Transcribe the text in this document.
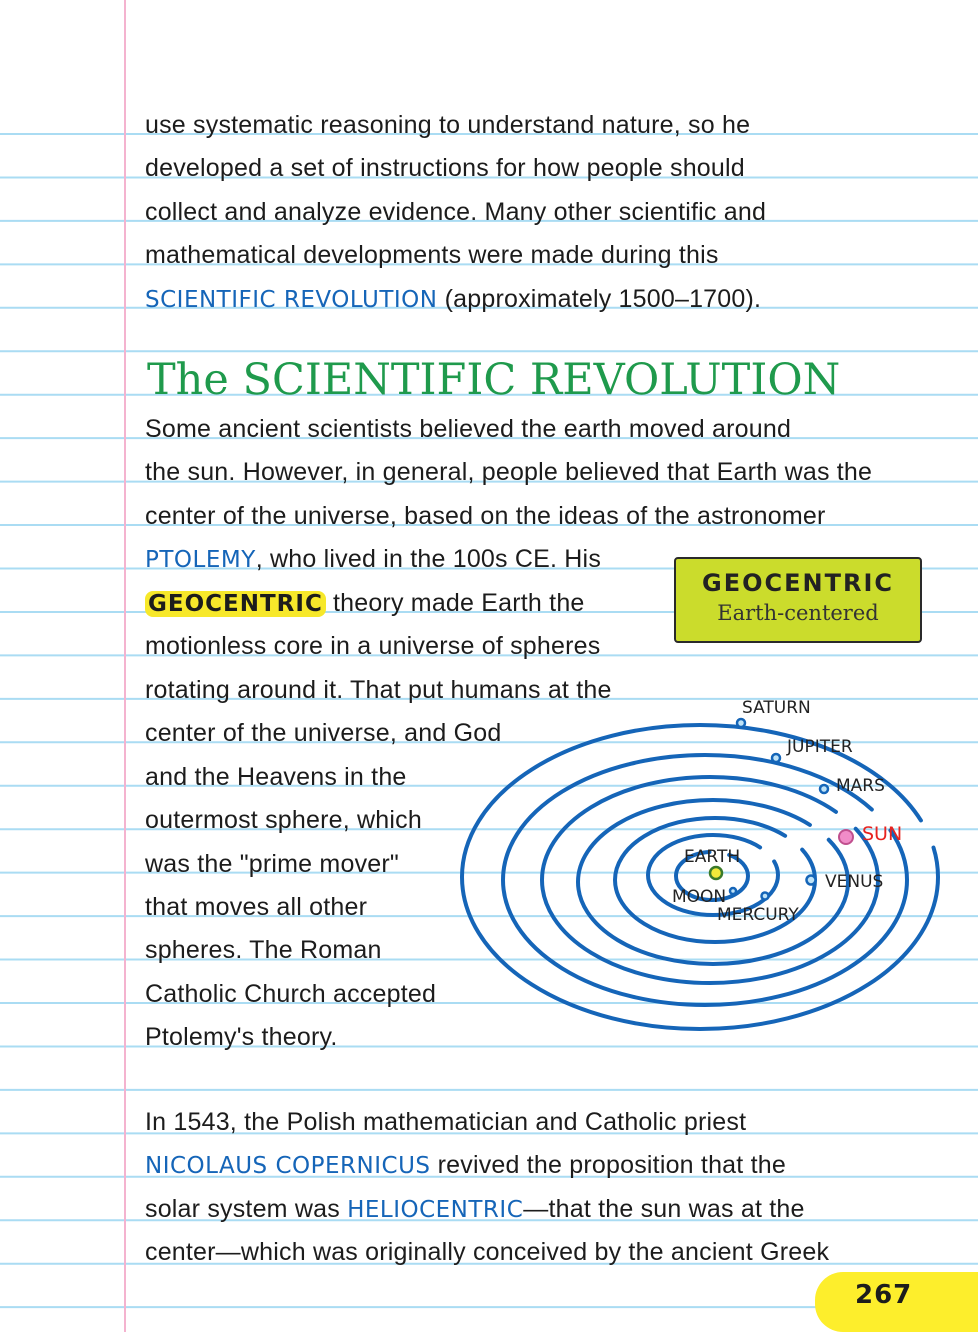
use systematic reasoning to understand nature, so he
developed a set of instructions for how people should
collect and analyze evidence. Many other scientific and
mathematical developments were made during this
SCIENTIFIC REVOLUTION (approximately 1500–1700).
Some ancient scientists believed the earth moved around
the sun. However, in general, people believed that Earth was the
center of the universe, based on the ideas of the astronomer
PTOLEMY, who lived in the 100s CE. His
GEOCENTRIC theory made Earth the
motionless core in a universe of spheres
rotating around it. That put humans at the
center of the universe, and God
and the Heavens in the
outermost sphere, which
was the "prime mover"
that moves all other
spheres. The Roman
Catholic Church accepted
Ptolemy's theory.
In 1543, the Polish mathematician and Catholic priest
NICOLAUS COPERNICUS revived the proposition that the
solar system was HELIOCENTRIC—that the sun was at the
center—which was originally conceived by the ancient Greek
The SCIENTIFIC REVOLUTION
GEOCENTRIC
Earth-centered
SATURN
JUPITER
MARS
SUN
VENUS
MERCURY
MOON
EARTH
267
